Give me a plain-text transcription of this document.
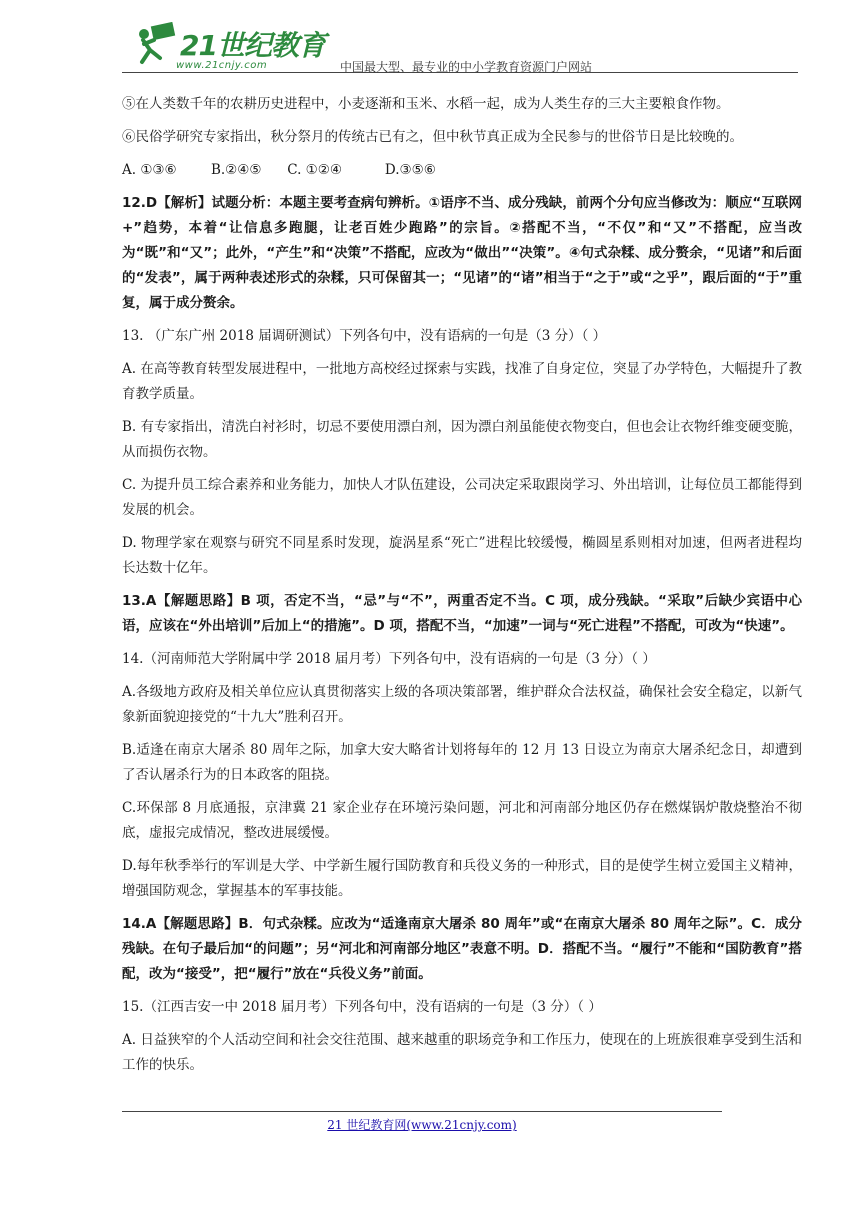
21世纪教育
www.21cnjy.com	中国最大型、最专业的中小学教育资源门户网站

⑤在人类数千年的农耕历史进程中，小麦逐渐和玉米、水稻一起，成为人类生存的三大主要粮食作物。

⑥民俗学研究专家指出，秋分祭月的传统古已有之，但中秋节真正成为全民参与的世俗节日是比较晚的。

A. ①③⑥        B.②④⑤      C. ①②④          D.③⑤⑥

12.D【解析】试题分析：本题主要考查病句辨析。①语序不当、成分残缺，前两个分句应当修改为：顺应“互联网+”趋势，本着“让信息多跑腿，让老百姓少跑路”的宗旨。②搭配不当，“不仅”和“又”不搭配，应当改为“既”和“又”；此外，“产生”和“决策”不搭配，应改为“做出”“决策”。④句式杂糅、成分赘余，“见诸”和后面的“发表”，属于两种表述形式的杂糅，只可保留其一；“见诸”的“诸”相当于“之于”或“之乎”，跟后面的“于”重复，属于成分赘余。

13. （广东广州 2018 届调研测试）下列各句中，没有语病的一句是（3 分）（ ）

A. 在高等教育转型发展进程中，一批地方高校经过探索与实践，找准了自身定位，突显了办学特色，大幅提升了教育教学质量。

B. 有专家指出，清洗白衬衫时，切忌不要使用漂白剂，因为漂白剂虽能使衣物变白，但也会让衣物纤维变硬变脆，从而损伤衣物。

C. 为提升员工综合素养和业务能力，加快人才队伍建设，公司决定采取跟岗学习、外出培训，让每位员工都能得到发展的机会。

D. 物理学家在观察与研究不同星系时发现，旋涡星系“死亡”进程比较缓慢，椭圆星系则相对加速，但两者进程均长达数十亿年。

13.A【解题思路】B 项，否定不当，“忌”与“不”，两重否定不当。C 项，成分残缺。“采取”后缺少宾语中心语，应该在“外出培训”后加上“的措施”。D 项，搭配不当，“加速”一词与“死亡进程”不搭配，可改为“快速”。

14.（河南师范大学附属中学 2018 届月考）下列各句中，没有语病的一句是（3 分）（ ）

A.各级地方政府及相关单位应认真贯彻落实上级的各项决策部署，维护群众合法权益，确保社会安全稳定，以新气象新面貌迎接党的“十九大”胜利召开。

B.适逢在南京大屠杀 80 周年之际，加拿大安大略省计划将每年的 12 月 13 日设立为南京大屠杀纪念日，却遭到了否认屠杀行为的日本政客的阻挠。

C.环保部 8 月底通报，京津冀 21 家企业存在环境污染问题，河北和河南部分地区仍存在燃煤锅炉散烧整治不彻底，虚报完成情况，整改进展缓慢。

D.每年秋季举行的军训是大学、中学新生履行国防教育和兵役义务的一种形式，目的是使学生树立爱国主义精神，增强国防观念，掌握基本的军事技能。

14.A【解题思路】B．句式杂糅。应改为“适逢南京大屠杀 80 周年”或“在南京大屠杀 80 周年之际”。C．成分残缺。在句子最后加“的问题”；另“河北和河南部分地区”表意不明。D．搭配不当。“履行”不能和“国防教育”搭配，改为“接受”，把“履行”放在“兵役义务”前面。

15.（江西吉安一中 2018 届月考）下列各句中，没有语病的一句是（3 分）（ ）

A. 日益狭窄的个人活动空间和社会交往范围、越来越重的职场竞争和工作压力，使现在的上班族很难享受到生活和工作的快乐。

21 世纪教育网(www.21cnjy.com)
